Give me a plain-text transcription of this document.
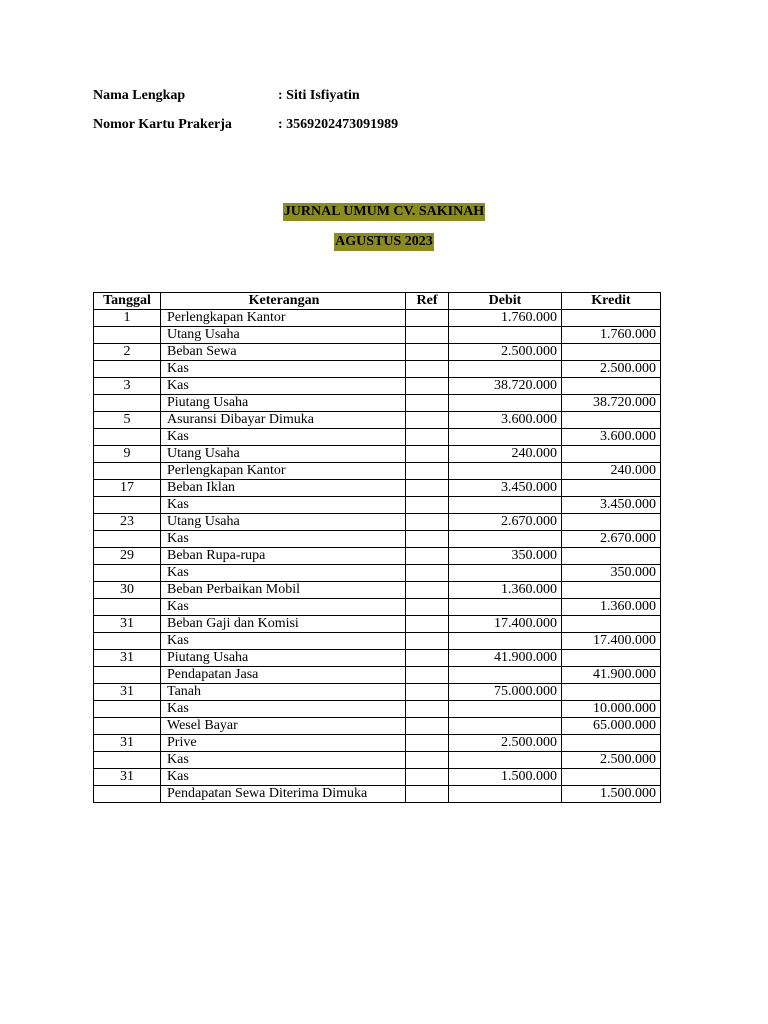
Nama Lengkap	: Siti Isfiyatin
Nomor Kartu Prakerja	: 3569202473091989
JURNAL UMUM CV. SAKINAH
AGUSTUS 2023
Tanggal	Keterangan	Ref	Debit	Kredit
1	Perlengkapan Kantor		1.760.000	
	Utang Usaha			1.760.000
2	Beban Sewa		2.500.000	
	Kas			2.500.000
3	Kas		38.720.000	
	Piutang Usaha			38.720.000
5	Asuransi Dibayar Dimuka		3.600.000	
	Kas			3.600.000
9	Utang Usaha		240.000	
	Perlengkapan Kantor			240.000
17	Beban Iklan		3.450.000	
	Kas			3.450.000
23	Utang Usaha		2.670.000	
	Kas			2.670.000
29	Beban Rupa-rupa		350.000	
	Kas			350.000
30	Beban Perbaikan Mobil		1.360.000	
	Kas			1.360.000
31	Beban Gaji dan Komisi		17.400.000	
	Kas			17.400.000
31	Piutang Usaha		41.900.000	
	Pendapatan Jasa			41.900.000
31	Tanah		75.000.000	
	Kas			10.000.000
	Wesel Bayar			65.000.000
31	Prive		2.500.000	
	Kas			2.500.000
31	Kas		1.500.000	
	Pendapatan Sewa Diterima Dimuka			1.500.000
